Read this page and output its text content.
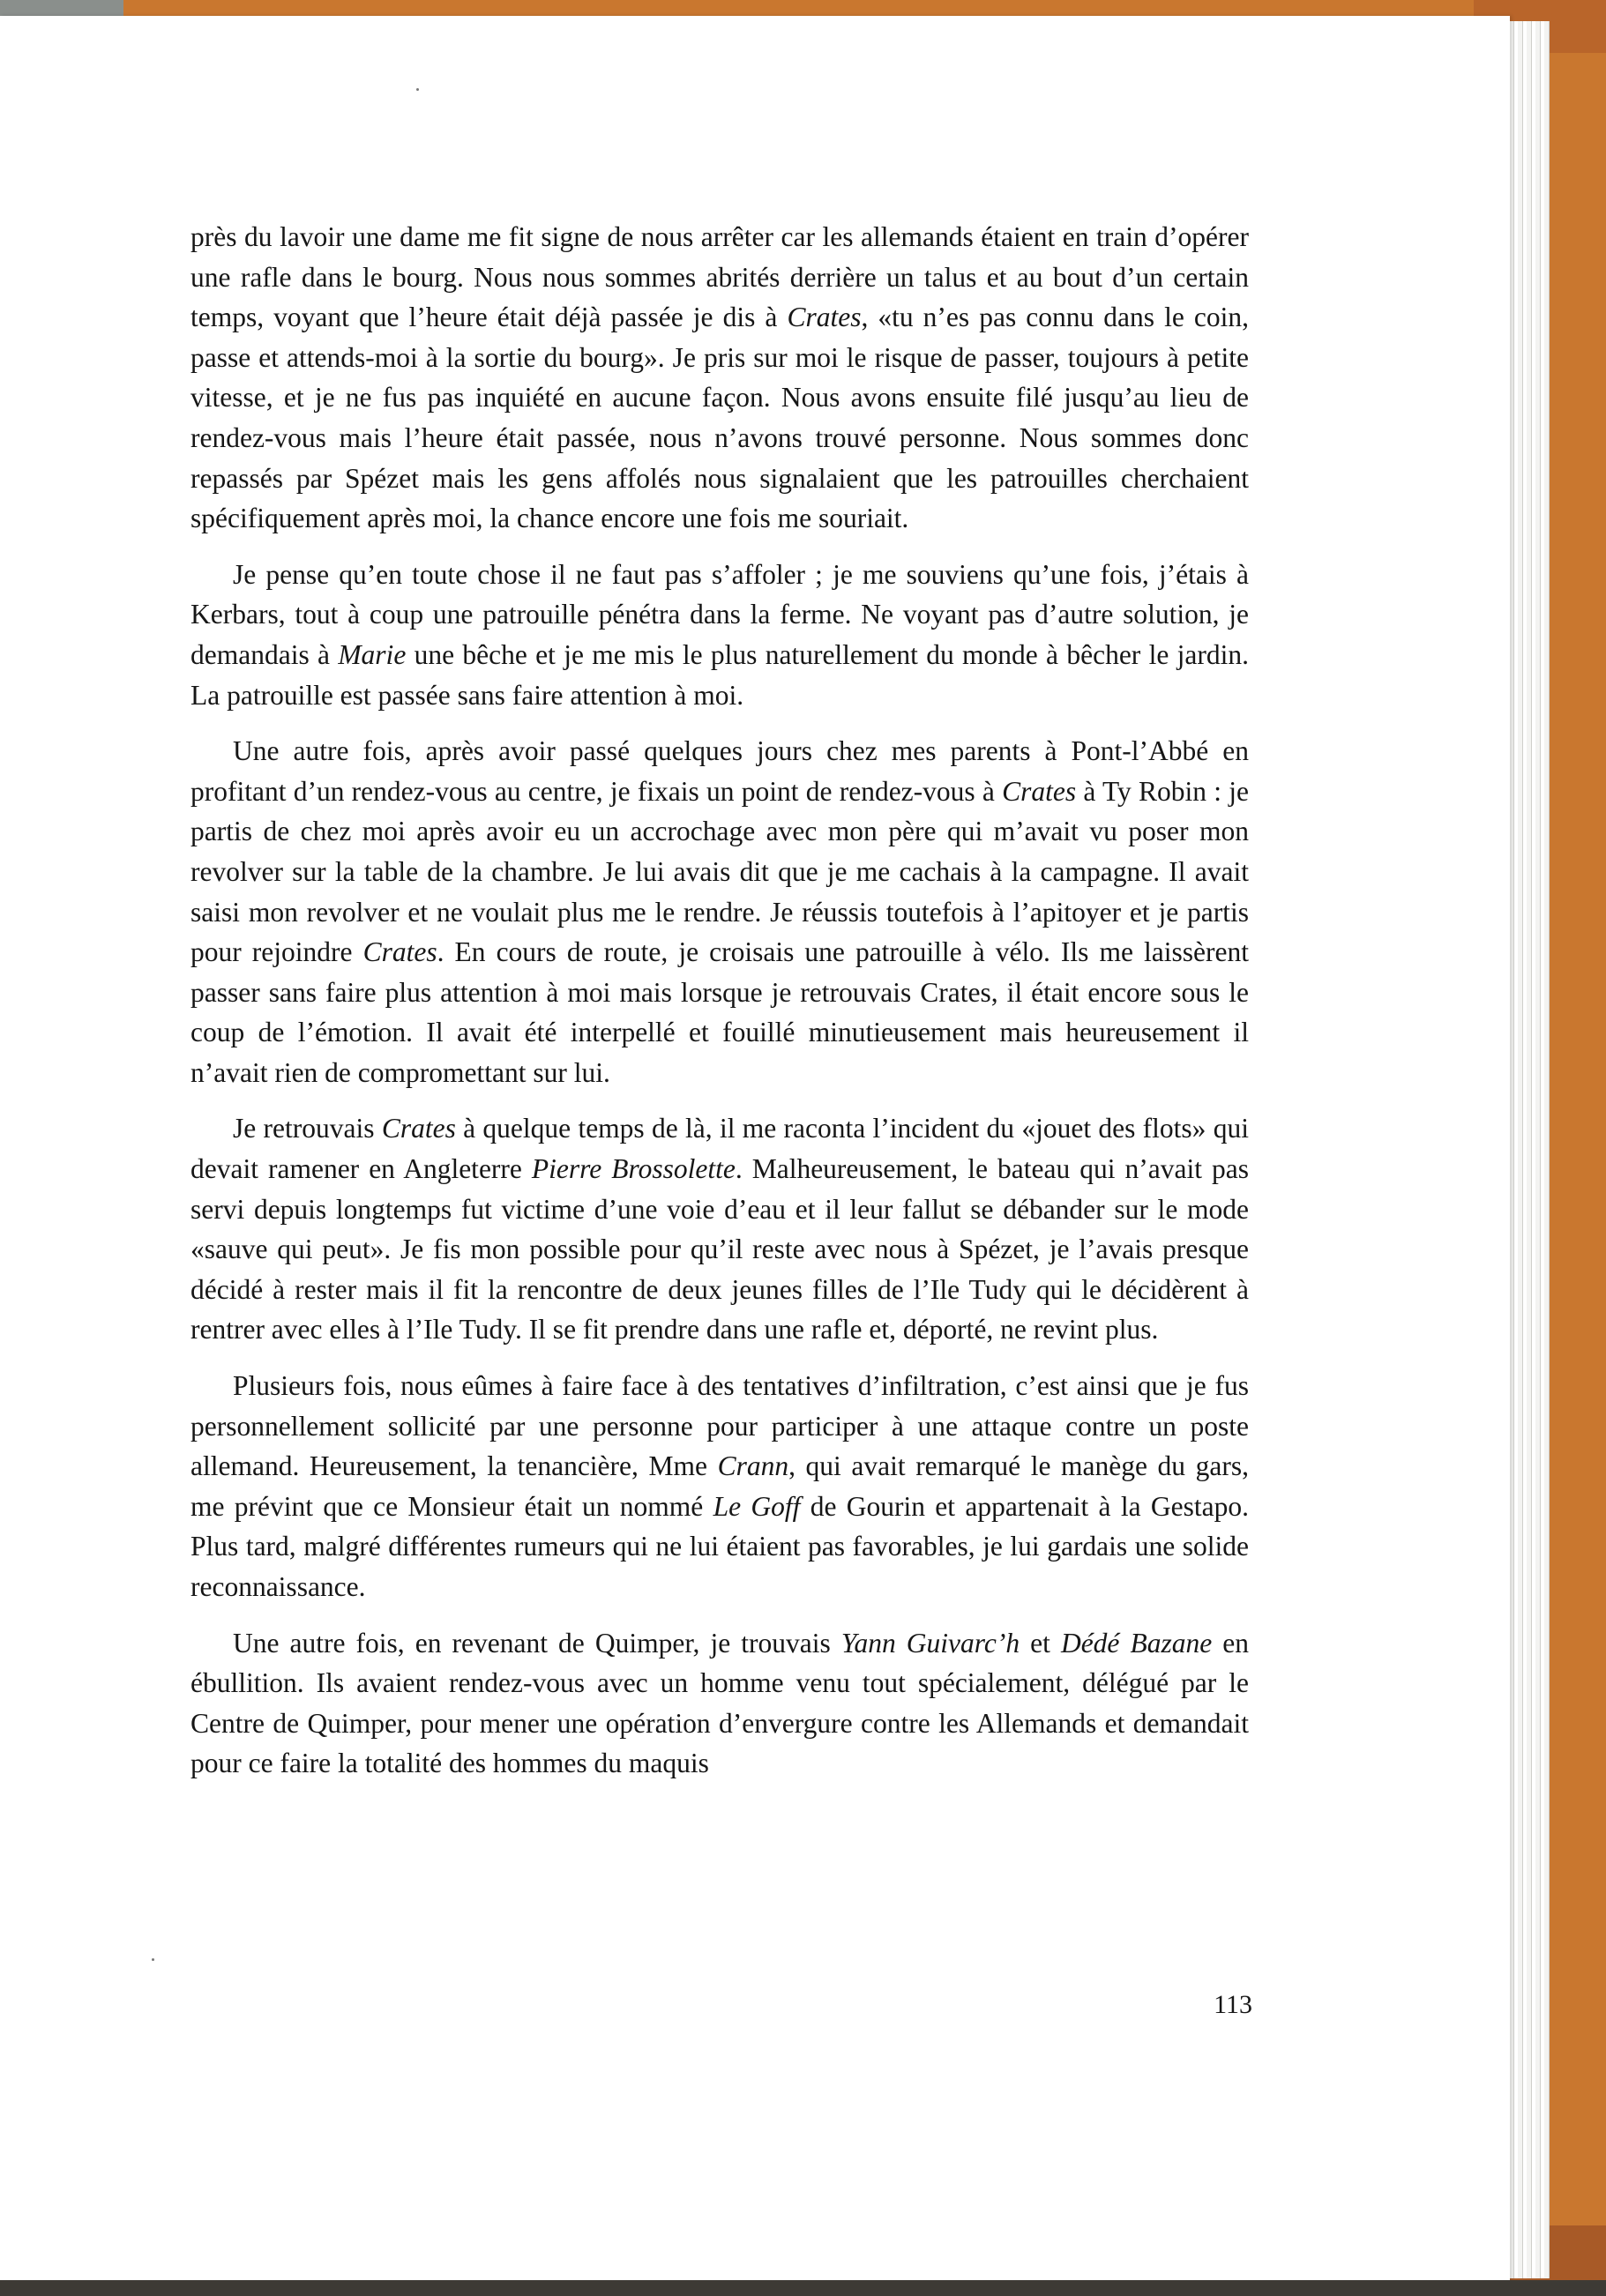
près du lavoir une dame me fit signe de nous arrêter car les allemands étaient en train d’opérer une rafle dans le bourg. Nous nous sommes abrités derrière un talus et au bout d’un certain temps, voyant que l’heure était déjà passée je dis à Crates, «tu n’es pas connu dans le coin, passe et attends-moi à la sortie du bourg». Je pris sur moi le risque de passer, toujours à petite vitesse, et je ne fus pas inquiété en aucune façon. Nous avons ensuite filé jusqu’au lieu de rendez-vous mais l’heure était passée, nous n’avons trouvé personne. Nous sommes donc repassés par Spézet mais les gens affolés nous signalaient que les patrouilles cherchaient spécifiquement après moi, la chance encore une fois me souriait.

Je pense qu’en toute chose il ne faut pas s’affoler ; je me souviens qu’une fois, j’étais à Kerbars, tout à coup une patrouille pénétra dans la ferme. Ne voyant pas d’autre solution, je demandais à Marie une bêche et je me mis le plus naturellement du monde à bêcher le jardin. La patrouille est passée sans faire attention à moi.

Une autre fois, après avoir passé quelques jours chez mes parents à Pont-l’Abbé en profitant d’un rendez-vous au centre, je fixais un point de rendez-vous à Crates à Ty Robin : je partis de chez moi après avoir eu un accrochage avec mon père qui m’avait vu poser mon revolver sur la table de la chambre. Je lui avais dit que je me cachais à la campagne. Il avait saisi mon revolver et ne voulait plus me le rendre. Je réussis toutefois à l’apitoyer et je partis pour rejoindre Crates. En cours de route, je croisais une patrouille à vélo. Ils me laissèrent passer sans faire plus attention à moi mais lorsque je retrouvais Crates, il était encore sous le coup de l’émotion. Il avait été interpellé et fouillé minutieusement mais heureusement il n’avait rien de compromettant sur lui.

Je retrouvais Crates à quelque temps de là, il me raconta l’incident du «jouet des flots» qui devait ramener en Angleterre Pierre Brossolette. Malheureusement, le bateau qui n’avait pas servi depuis longtemps fut victime d’une voie d’eau et il leur fallut se débander sur le mode «sauve qui peut». Je fis mon possible pour qu’il reste avec nous à Spézet, je l’avais presque décidé à rester mais il fit la rencontre de deux jeunes filles de l’Ile Tudy qui le décidèrent à rentrer avec elles à l’Ile Tudy. Il se fit prendre dans une rafle et, déporté, ne revint plus.

Plusieurs fois, nous eûmes à faire face à des tentatives d’infiltration, c’est ainsi que je fus personnellement sollicité par une personne pour participer à une attaque contre un poste allemand. Heureusement, la tenancière, Mme Crann, qui avait remarqué le manège du gars, me prévint que ce Monsieur était un nommé Le Goff de Gourin et appartenait à la Gestapo. Plus tard, malgré différentes rumeurs qui ne lui étaient pas favorables, je lui gardais une solide reconnaissance.

Une autre fois, en revenant de Quimper, je trouvais Yann Guivarc’h et Dédé Bazane en ébullition. Ils avaient rendez-vous avec un homme venu tout spécialement, délégué par le Centre de Quimper, pour mener une opération d’envergure contre les Allemands et demandait pour ce faire la totalité des hommes du maquis

113
